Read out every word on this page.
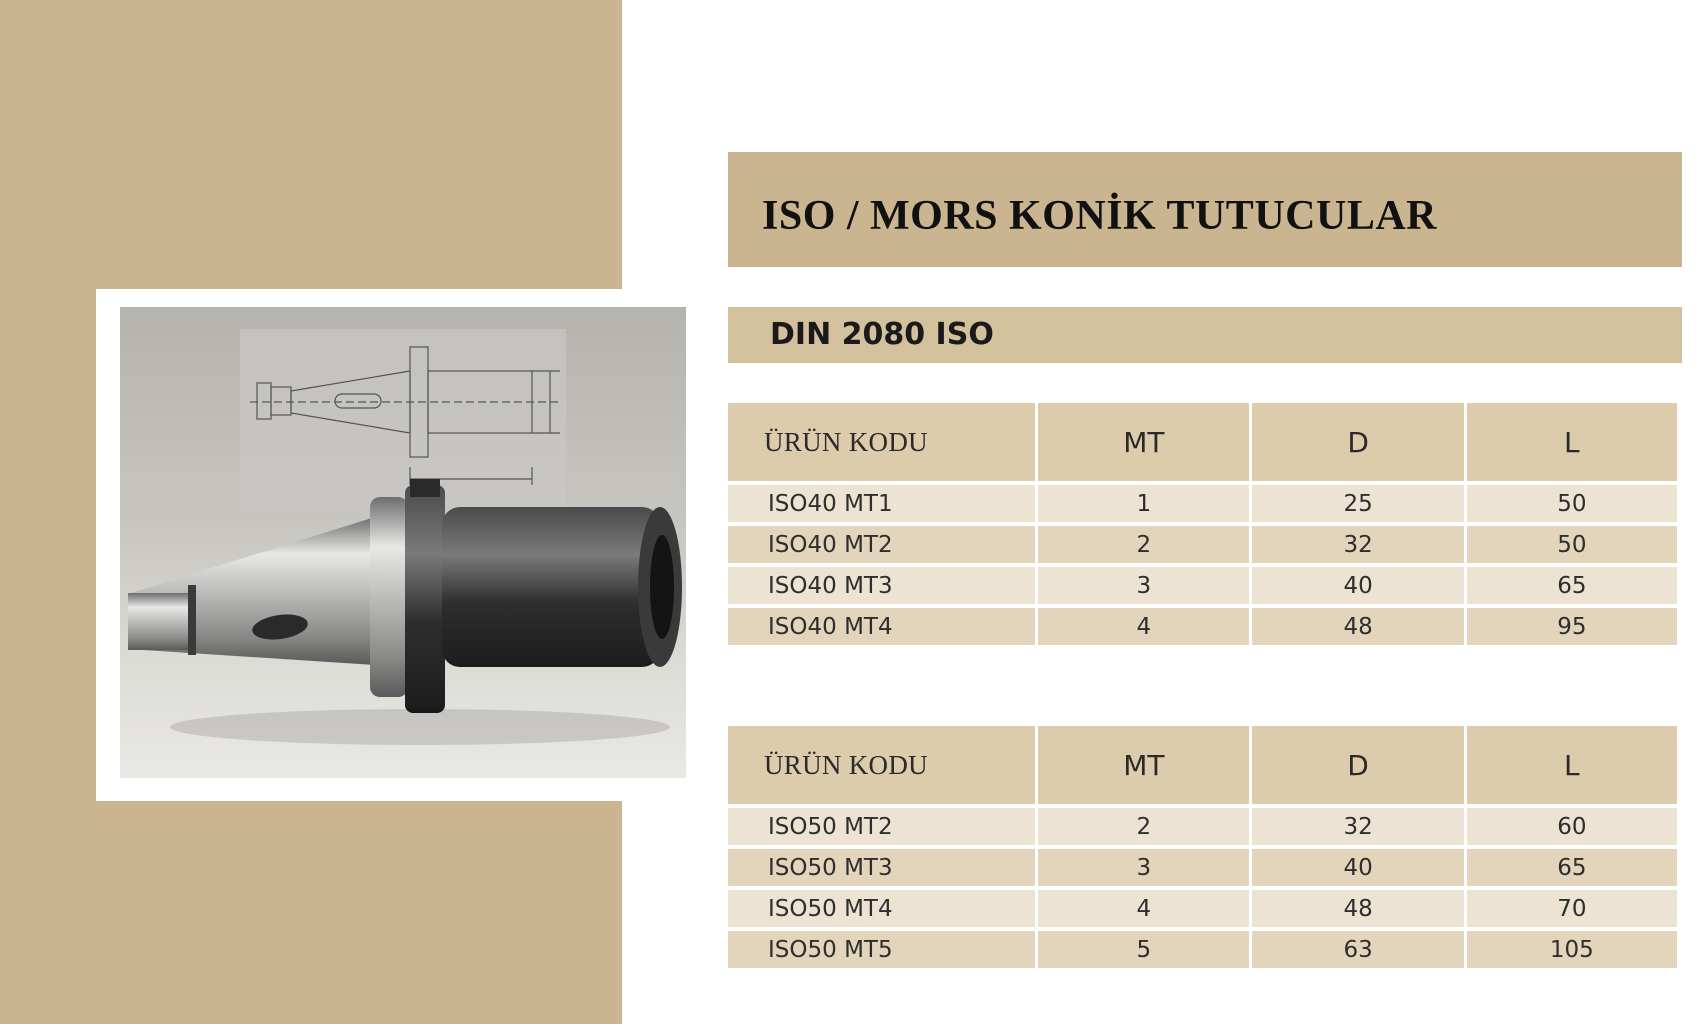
ISO / MORS KONİK TUTUCULAR
DIN 2080 ISO
ÜRÜN KODU	MT	D	L
ISO40 MT1	1	25	50
ISO40 MT2	2	32	50
ISO40 MT3	3	40	65
ISO40 MT4	4	48	95
ÜRÜN KODU	MT	D	L
ISO50 MT2	2	32	60
ISO50 MT3	3	40	65
ISO50 MT4	4	48	70
ISO50 MT5	5	63	105
